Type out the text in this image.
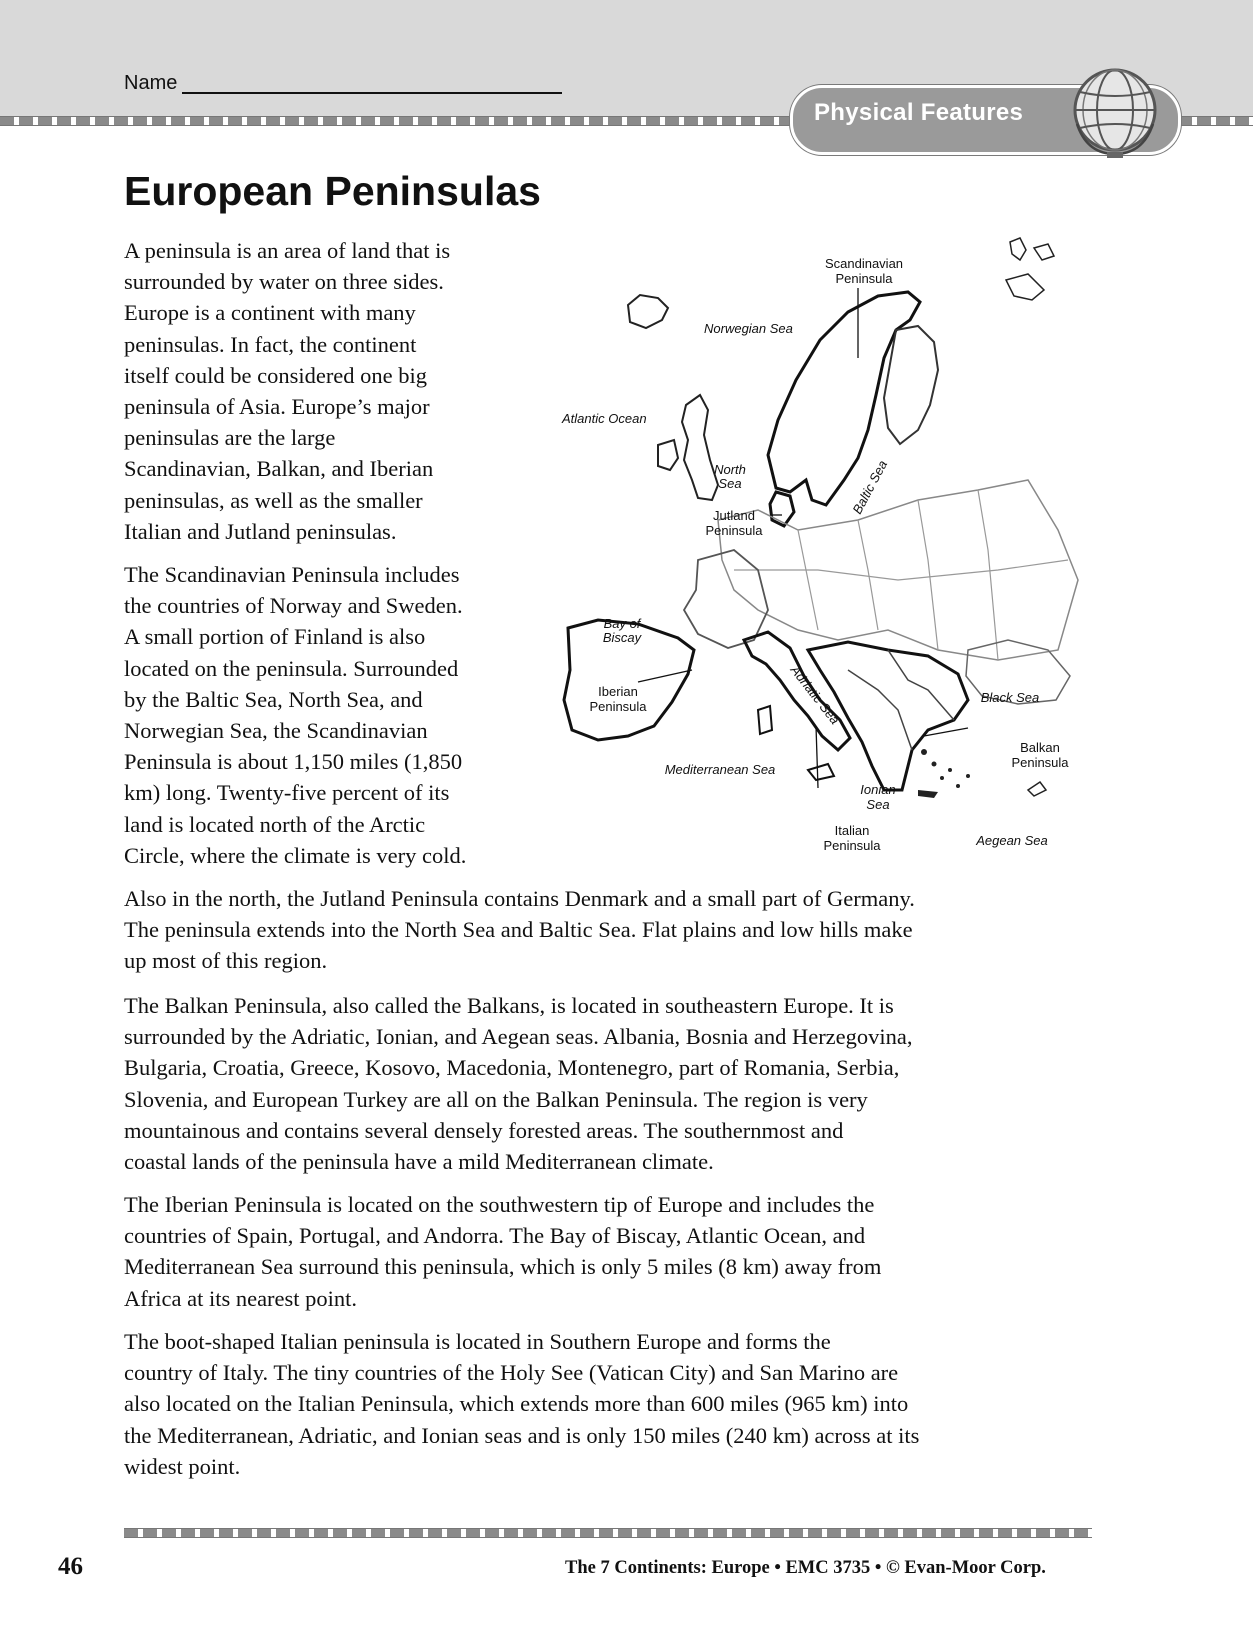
Name
Physical Features
European Peninsulas
A peninsula is an area of land that is
surrounded by water on three sides.
Europe is a continent with many
peninsulas. In fact, the continent
itself could be considered one big
peninsula of Asia. Europe’s major
peninsulas are the large
Scandinavian, Balkan, and Iberian
peninsulas, as well as the smaller
Italian and Jutland peninsulas.
The Scandinavian Peninsula includes
the countries of Norway and Sweden.
A small portion of Finland is also
located on the peninsula. Surrounded
by the Baltic Sea, North Sea, and
Norwegian Sea, the Scandinavian
Peninsula is about 1,150 miles (1,850
km) long. Twenty-five percent of its
land is located north of the Arctic
Circle, where the climate is very cold.
Scandinavian
Peninsula
Norwegian Sea
Atlantic Ocean
North
Sea
Jutland
Peninsula
Baltic Sea
Bay of
Biscay
Iberian
Peninsula	Adriatic Sea	Black Sea
Balkan
Peninsula
Mediterranean Sea
Ionian
Sea
Italian
Peninsula	Aegean Sea
Also in the north, the Jutland Peninsula contains Denmark and a small part of Germany.
The peninsula extends into the North Sea and Baltic Sea. Flat plains and low hills make
up most of this region.
The Balkan Peninsula, also called the Balkans, is located in southeastern Europe. It is
surrounded by the Adriatic, Ionian, and Aegean seas. Albania, Bosnia and Herzegovina,
Bulgaria, Croatia, Greece, Kosovo, Macedonia, Montenegro, part of Romania, Serbia,
Slovenia, and European Turkey are all on the Balkan Peninsula. The region is very
mountainous and contains several densely forested areas. The southernmost and
coastal lands of the peninsula have a mild Mediterranean climate.
The Iberian Peninsula is located on the southwestern tip of Europe and includes the
countries of Spain, Portugal, and Andorra. The Bay of Biscay, Atlantic Ocean, and
Mediterranean Sea surround this peninsula, which is only 5 miles (8 km) away from
Africa at its nearest point.
The boot-shaped Italian peninsula is located in Southern Europe and forms the
country of Italy. The tiny countries of the Holy See (Vatican City) and San Marino are
also located on the Italian Peninsula, which extends more than 600 miles (965 km) into
the Mediterranean, Adriatic, and Ionian seas and is only 150 miles (240 km) across at its
widest point.
46	The 7 Continents: Europe • EMC 3735 • © Evan-Moor Corp.
